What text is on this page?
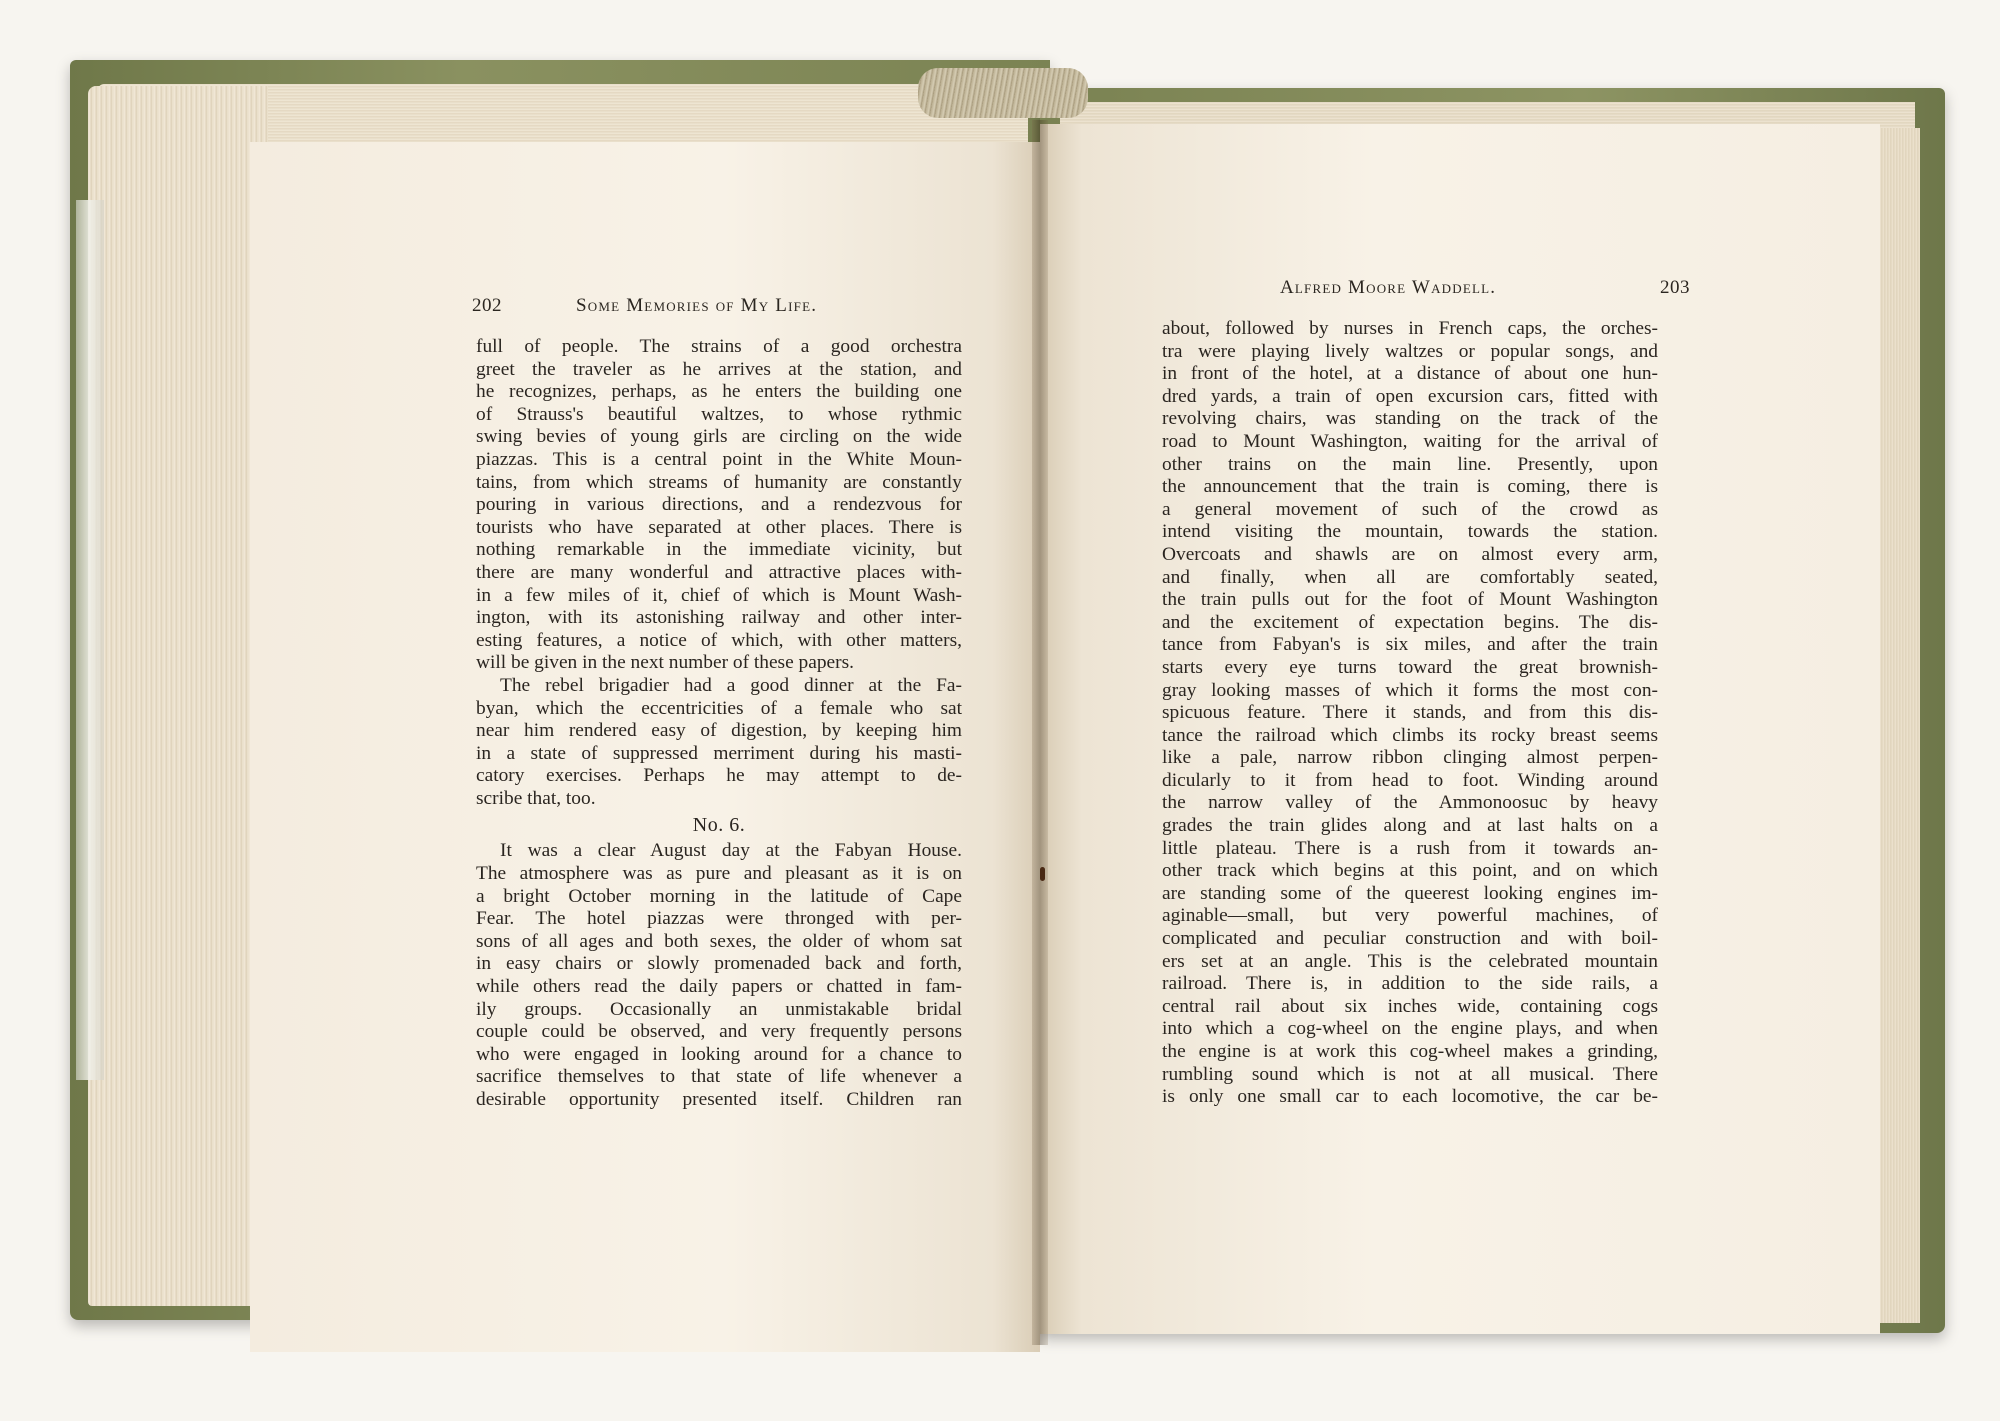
202	Some Memories of My Life.
full of people. The strains of a good orchestra
greet the traveler as he arrives at the station, and
he recognizes, perhaps, as he enters the building one
of Strauss's beautiful waltzes, to whose rythmic
swing bevies of young girls are circling on the wide
piazzas. This is a central point in the White Moun-
tains, from which streams of humanity are constantly
pouring in various directions, and a rendezvous for
tourists who have separated at other places. There is
nothing remarkable in the immediate vicinity, but
there are many wonderful and attractive places with-
in a few miles of it, chief of which is Mount Wash-
ington, with its astonishing railway and other inter-
esting features, a notice of which, with other matters,
will be given in the next number of these papers.
The rebel brigadier had a good dinner at the Fa-
byan, which the eccentricities of a female who sat
near him rendered easy of digestion, by keeping him
in a state of suppressed merriment during his masti-
catory exercises. Perhaps he may attempt to de-
scribe that, too.
No. 6.
It was a clear August day at the Fabyan House.
The atmosphere was as pure and pleasant as it is on
a bright October morning in the latitude of Cape
Fear. The hotel piazzas were thronged with per-
sons of all ages and both sexes, the older of whom sat
in easy chairs or slowly promenaded back and forth,
while others read the daily papers or chatted in fam-
ily groups. Occasionally an unmistakable bridal
couple could be observed, and very frequently persons
who were engaged in looking around for a chance to
sacrifice themselves to that state of life whenever a
desirable opportunity presented itself. Children ran
Alfred Moore Waddell.	203
about, followed by nurses in French caps, the orches-
tra were playing lively waltzes or popular songs, and
in front of the hotel, at a distance of about one hun-
dred yards, a train of open excursion cars, fitted with
revolving chairs, was standing on the track of the
road to Mount Washington, waiting for the arrival of
other trains on the main line. Presently, upon
the announcement that the train is coming, there is
a general movement of such of the crowd as
intend visiting the mountain, towards the station.
Overcoats and shawls are on almost every arm,
and finally, when all are comfortably seated,
the train pulls out for the foot of Mount Washington
and the excitement of expectation begins. The dis-
tance from Fabyan's is six miles, and after the train
starts every eye turns toward the great brownish-
gray looking masses of which it forms the most con-
spicuous feature. There it stands, and from this dis-
tance the railroad which climbs its rocky breast seems
like a pale, narrow ribbon clinging almost perpen-
dicularly to it from head to foot. Winding around
the narrow valley of the Ammonoosuc by heavy
grades the train glides along and at last halts on a
little plateau. There is a rush from it towards an-
other track which begins at this point, and on which
are standing some of the queerest looking engines im-
aginable—small, but very powerful machines, of
complicated and peculiar construction and with boil-
ers set at an angle. This is the celebrated mountain
railroad. There is, in addition to the side rails, a
central rail about six inches wide, containing cogs
into which a cog-wheel on the engine plays, and when
the engine is at work this cog-wheel makes a grinding,
rumbling sound which is not at all musical. There
is only one small car to each locomotive, the car be-
